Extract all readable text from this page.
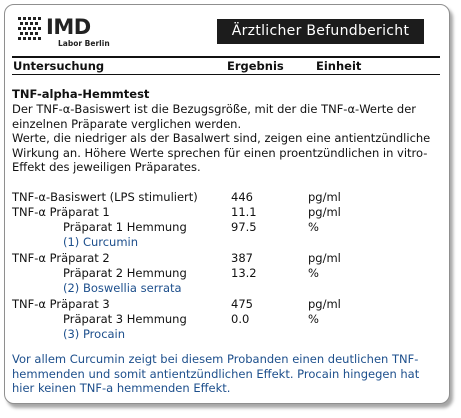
IMD
Labor Berlin
Ärztlicher Befundbericht
Untersuchung	Ergebnis	Einheit
TNF-alpha-Hemmtest

Der TNF-α-Basiswert ist die Bezugsgröße, mit der die TNF-α-Werte der einzelnen Präparate verglichen werden.

Werte, die niedriger als der Basalwert sind, zeigen eine antientzündliche Wirkung an. Höhere Werte sprechen für einen proentzündlichen in vitro-Effekt des jeweiligen Präparates.

TNF-α-Basiswert (LPS stimuliert)	446	pg/ml
TNF-α Präparat 1	11.1	pg/ml
Präparat 1 Hemmung	97.5	%
(1) Curcumin
TNF-α Präparat 2	387	pg/ml
Präparat 2 Hemmung	13.2	%
(2) Boswellia serrata
TNF-α Präparat 3	475	pg/ml
Präparat 3 Hemmung	0.0	%
(3) Procain
Vor allem Curcumin zeigt bei diesem Probanden einen deutlichen TNF-hemmenden und somit antientzündlichen Effekt. Procain hingegen hat hier keinen TNF-a hemmenden Effekt.
